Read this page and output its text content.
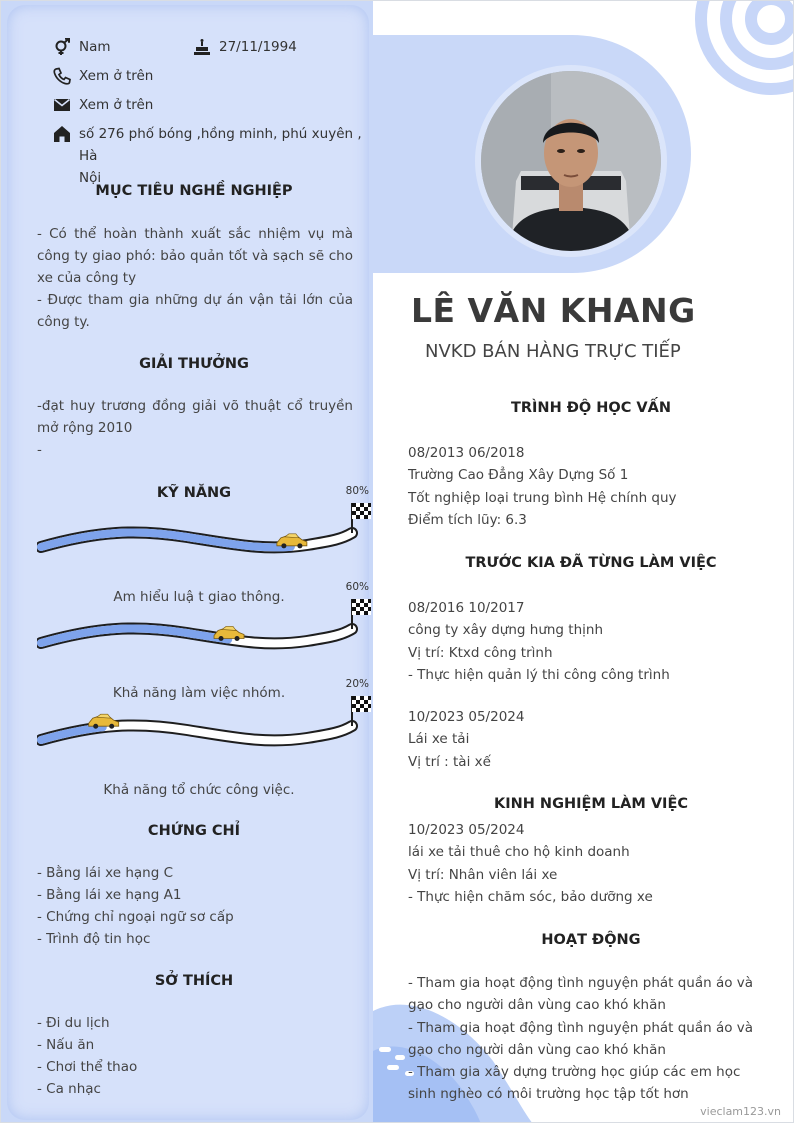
Nam	27/11/1994
Xem ở trên
Xem ở trên
số 276 phố bóng ,hồng minh, phú xuyên , Hà
Nội
MỤC TIÊU NGHỀ NGHIỆP

- Có thể hoàn thành xuất sắc nhiệm vụ mà công ty giao phó: bảo quản tốt và sạch sẽ cho xe của công ty

- Được tham gia những dự án vận tải lớn của công ty.

GIẢI THƯỞNG

-đạt huy trương đồng giải võ thuật cổ truyền mở rộng 2010

-

KỸ NĂNG	80%
Am hiểu luậ t giao thông.
60%
Khả năng làm việc nhóm.
20%
Khả năng tổ chức công việc.
CHỨNG CHỈ

- Bằng lái xe hạng C

- Bằng lái xe hạng A1

- Chứng chỉ ngoại ngữ sơ cấp

- Trình độ tin học

SỞ THÍCH

- Đi du lịch

- Nấu ăn

- Chơi thể thao

- Ca nhạc

LÊ VĂN KHANG
NVKD BÁN HÀNG TRỰC TIẾP
TRÌNH ĐỘ HỌC VẤN

08/2013 06/2018

Trường Cao Đẳng Xây Dựng Số 1

Tốt nghiệp loại trung bình Hệ chính quy

Điểm tích lũy: 6.3

TRƯỚC KIA ĐÃ TỪNG LÀM VIỆC

08/2016 10/2017

công ty xây dựng hưng thịnh

Vị trí: Ktxd công trình

- Thực hiện quản lý thi công công trình

10/2023 05/2024

Lái xe tải

Vị trí : tài xế

KINH NGHIỆM LÀM VIỆC

10/2023 05/2024

lái xe tải thuê cho hộ kinh doanh

Vị trí: Nhân viên lái xe

- Thực hiện chăm sóc, bảo dưỡng xe

HOẠT ĐỘNG

- Tham gia hoạt động tình nguyện phát quần áo và gạo cho người dân vùng cao khó khăn

- Tham gia hoạt động tình nguyện phát quần áo và gạo cho người dân vùng cao khó khăn

- Tham gia xây dựng trường học giúp các em học sinh nghèo có môi trường học tập tốt hơn

vieclam123.vn
